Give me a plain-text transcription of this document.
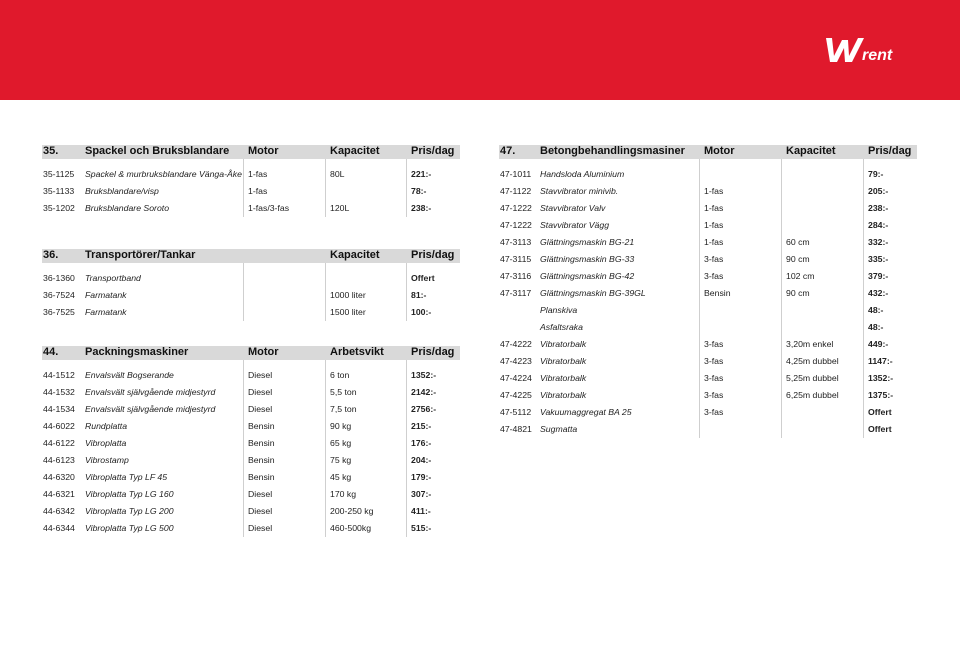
rent
35. Spackel och Bruksblandare Motor	Kapacitet	Pris/dag
35-1125 Spackel & murbruksblandare Vänga-Åke 1-fas	80L	221:-
35-1133 Bruksblandare/visp	1-fas	78:-
35-1202 Bruksblandare Soroto	1-fas/3-fas	120L	238:-
36. Transportörer/Tankar	Kapacitet	Pris/dag
36-1360 Transportband	Offert
36-7524 Farmatank	1000 liter	81:-
36-7525 Farmatank	1500 liter	100:-
44. Packningsmaskiner	Motor	Arbetsvikt Pris/dag
44-1512 Envalsvält Bogserande	Diesel	6 ton	1352:-
44-1532 Envalsvält självgående midjestyrd	Diesel	5,5 ton	2142:-
44-1534 Envalsvält självgående midjestyrd	Diesel	7,5 ton	2756:-
44-6022 Rundplatta	Bensin	90 kg	215:-
44-6122 Vibroplatta	Bensin	65 kg	176:-
44-6123 Vibrostamp	Bensin	75 kg	204:-
44-6320 Vibroplatta Typ LF 45	Bensin	45 kg	179:-
44-6321 Vibroplatta Typ LG 160	Diesel	170 kg	307:-
44-6342 Vibroplatta Typ LG 200	Diesel	200-250 kg	411:-
44-6344 Vibroplatta Typ LG 500	Diesel	460-500kg	515:-
47. Betongbehandlingsmasiner Motor	Kapacitet	Pris/dag
47-1011 Handsloda Aluminium	79:-
47-1122 Stavvibrator minivib.	1-fas	205:-
47-1222 Stavvibrator Valv	1-fas	238:-
47-1222 Stavvibrator Vägg	1-fas	284:-
47-3113 Glättningsmaskin BG-21	1-fas	60 cm	332:-
47-3115 Glättningsmaskin BG-33	3-fas	90 cm	335:-
47-3116 Glättningsmaskin BG-42	3-fas	102 cm	379:-
47-3117 Glättningsmaskin BG-39GL	Bensin	90 cm	432:-
Planskiva	48:-
Asfaltsraka	48:-
47-4222 Vibratorbalk	3-fas	3,20m enkel	449:-
47-4223 Vibratorbalk	3-fas	4,25m dubbel	1147:-
47-4224 Vibratorbalk	3-fas	5,25m dubbel	1352:-
47-4225 Vibratorbalk	3-fas	6,25m dubbel	1375:-
47-5112 Vakuumaggregat BA 25	3-fas	Offert
47-4821 Sugmatta	Offert
